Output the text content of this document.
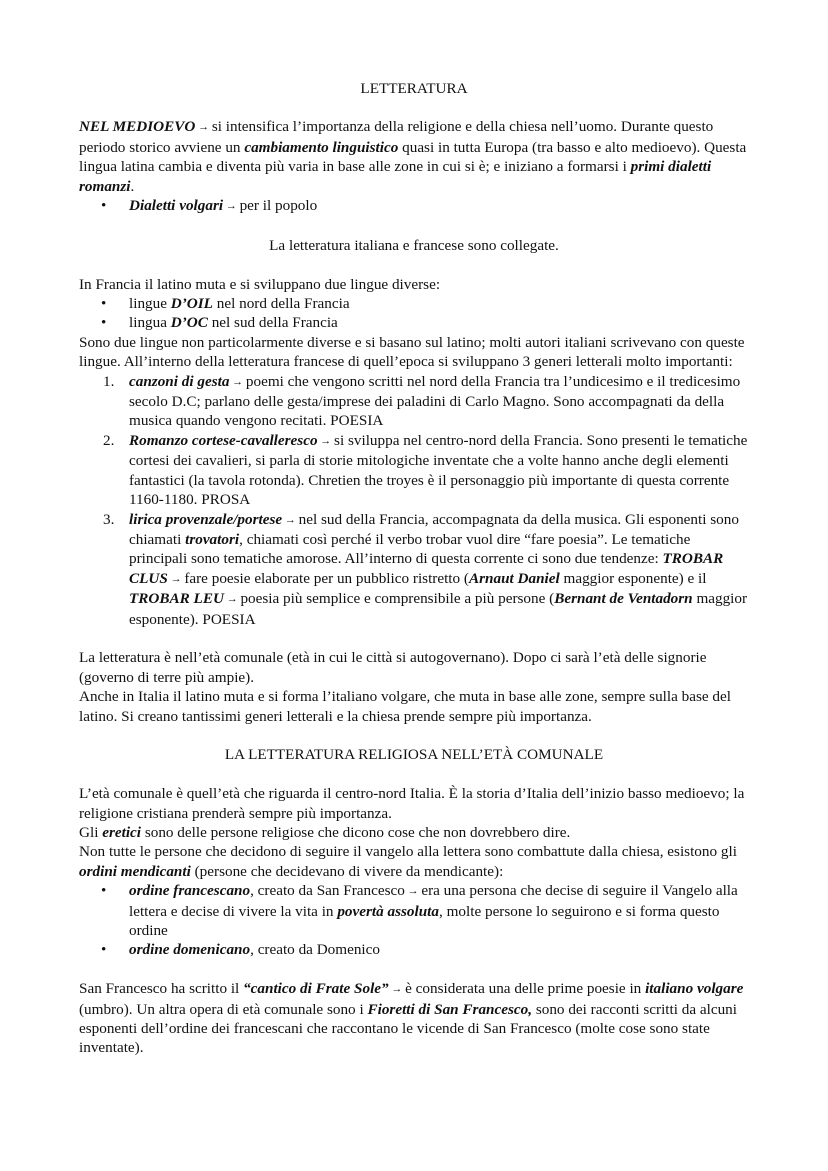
LETTERATURA

NEL MEDIOEVO → si intensifica l’importanza della religione e della chiesa nell’uomo. Durante questo periodo storico avviene un cambiamento linguistico quasi in tutta Europa (tra basso e alto medioevo). Questa lingua latina cambia e diventa più varia in base alle zone in cui si è; e iniziano a formarsi i primi dialetti romanzi.

•	Dialetti volgari → per il popolo

La letteratura italiana e francese sono collegate.

In Francia il latino muta e si sviluppano due lingue diverse:

•	lingue D’OIL nel nord della Francia
•	lingua D’OC nel sud della Francia

Sono due lingue non particolarmente diverse e si basano sul latino; molti autori italiani scrivevano con queste lingue. All’interno della letteratura francese di quell’epoca si sviluppano 3 generi letterali molto importanti:

1. canzoni di gesta → poemi che vengono scritti nel nord della Francia tra l’undicesimo e il tredicesimo secolo D.C; parlano delle gesta/imprese dei paladini di Carlo Magno. Sono accompagnati da della musica quando vengono recitati. POESIA
2. Romanzo cortese-cavalleresco → si sviluppa nel centro-nord della Francia. Sono presenti le tematiche cortesi dei cavalieri, si parla di storie mitologiche inventate che a volte hanno anche degli elementi fantastici (la tavola rotonda). Chretien the troyes è il personaggio più importante di questa corrente 1160-1180. PROSA
3. lirica provenzale/portese → nel sud della Francia, accompagnata da della musica. Gli esponenti sono chiamati trovatori, chiamati così perché il verbo trobar vuol dire “fare poesia”. Le tematiche principali sono tematiche amorose. All’interno di questa corrente ci sono due tendenze: TROBAR CLUS → fare poesie elaborate per un pubblico ristretto (Arnaut Daniel maggior esponente) e il TROBAR LEU → poesia più semplice e comprensibile a più persone (Bernant de Ventadorn maggior esponente). POESIA

La letteratura è nell’età comunale (età in cui le città si autogovernano). Dopo ci sarà l’età delle signorie (governo di terre più ampie).

Anche in Italia il latino muta e si forma l’italiano volgare, che muta in base alle zone, sempre sulla base del latino. Si creano tantissimi generi letterali e la chiesa prende sempre più importanza.

LA LETTERATURA RELIGIOSA NELL’ETÀ COMUNALE

L’età comunale è quell’età che riguarda il centro-nord Italia. È la storia d’Italia dell’inizio basso medioevo; la religione cristiana prenderà sempre più importanza.

Gli eretici sono delle persone religiose che dicono cose che non dovrebbero dire.

Non tutte le persone che decidono di seguire il vangelo alla lettera sono combattute dalla chiesa, esistono gli ordini mendicanti (persone che decidevano di vivere da mendicante):

•	ordine francescano, creato da San Francesco → era una persona che decise di seguire il Vangelo alla lettera e decise di vivere la vita in povertà assoluta, molte persone lo seguirono e si forma questo ordine
•	ordine domenicano, creato da Domenico

San Francesco ha scritto il “cantico di Frate Sole” → è considerata una delle prime poesie in italiano volgare (umbro). Un altra opera di età comunale sono i Fioretti di San Francesco, sono dei racconti scritti da alcuni esponenti dell’ordine dei francescani che raccontano le vicende di San Francesco (molte cose sono state inventate).
